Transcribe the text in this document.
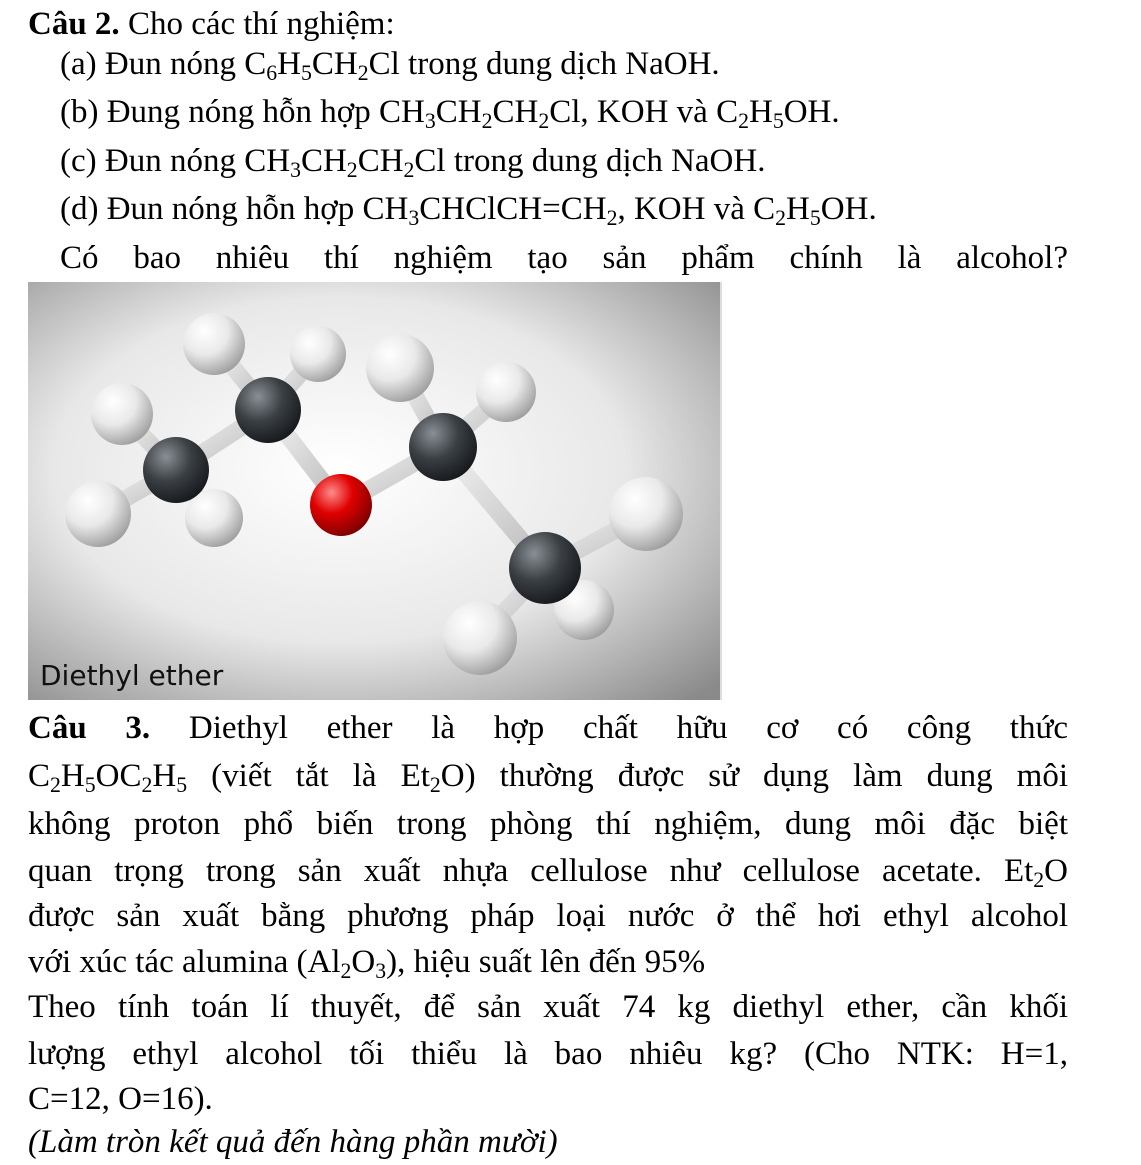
Câu 2. Cho các thí nghiệm:
(a) Đun nóng $C_6H_5CH_2Cl$ trong dung dịch NaOH.
(b) Đung nóng hỗn hợp $CH_3CH_2CH_2Cl$, KOH và $C_2H_5OH$.
(c) Đun nóng $CH_3CH_2CH_2Cl$ trong dung dịch NaOH.
(d) Đun nóng hỗn hợp $CH_3CHClCH=CH_2$, KOH và $C_2H_5OH$.
Có bao nhiêu thí nghiệm tạo sản phẩm chính là alcohol?
Diethyl ether
Câu 3. Diethyl ether là hợp chất hữu cơ có công thức
$C_2H_5OC_2H_5$ (viết tắt là $Et_2O$) thường được sử dụng làm dung môi
không proton phổ biến trong phòng thí nghiệm, dung môi đặc biệt
quan trọng trong sản xuất nhựa cellulose như cellulose acetate. $Et_2O$
được sản xuất bằng phương pháp loại nước ở thể hơi ethyl alcohol
với xúc tác alumina $(Al_2O_3)$, hiệu suất lên đến 95%
Theo tính toán lí thuyết, để sản xuất 74 kg diethyl ether, cần khối
lượng ethyl alcohol tối thiểu là bao nhiêu kg? (Cho NTK: H=1,
C=12, O=16).
(Làm tròn kết quả đến hàng phần mười)
